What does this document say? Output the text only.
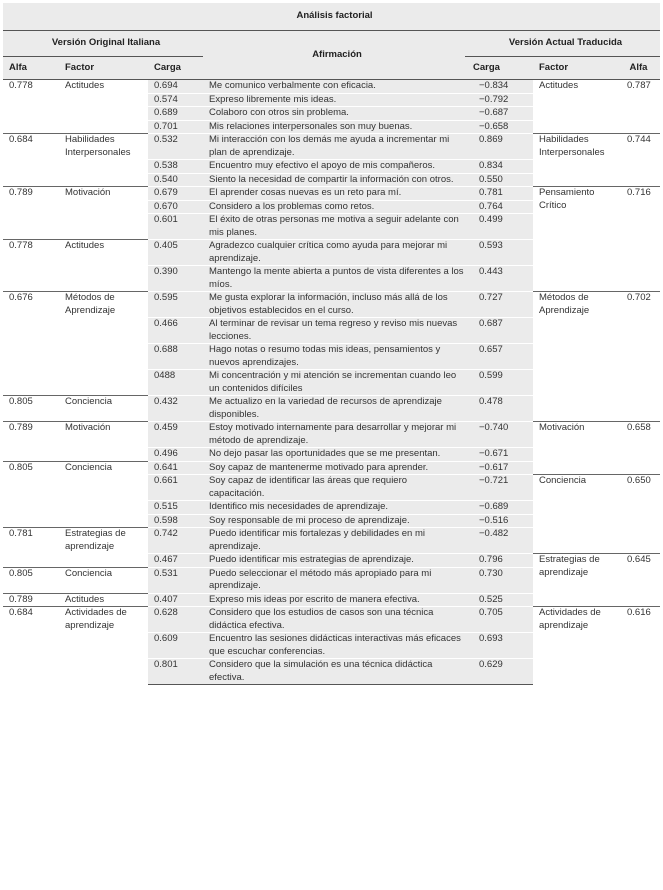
Análisis factorial						
Versión Original Italiana			Afirmación	Versión Actual Traducida		
Alfa	Factor	Carga		Carga	Factor	Alfa
0.778	Actitudes	0.694	Me comunico verbalmente con eficacia.	−0.834	Actitudes	0.787
		0.574	Expreso libremente mis ideas.	−0.792		
		0.689	Colaboro con otros sin problema.	−0.687		
		0.701	Mis relaciones interpersonales son muy buenas.	−0.658		
0.684	Habilidades Interpersonales	0.532	Mi interacción con los demás me ayuda a incrementar mi plan de aprendizaje.	0.869	Habilidades Interpersonales	0.744
		0.538	Encuentro muy efectivo el apoyo de mis compañeros.	0.834		
		0.540	Siento la necesidad de compartir la información con otros.	0.550		
0.789	Motivación	0.679	El aprender cosas nuevas es un reto para mí.	0.781	Pensamiento Crítico	0.716
		0.670	Considero a los problemas como retos.	0.764		
		0.601	El éxito de otras personas me motiva a seguir adelante con mis planes.	0.499		
0.778	Actitudes	0.405	Agradezco cualquier crítica como ayuda para mejorar mi aprendizaje.	0.593		
		0.390	Mantengo la mente abierta a puntos de vista diferentes a los míos.	0.443		
0.676	Métodos de Aprendizaje	0.595	Me gusta explorar la información, incluso más allá de los objetivos establecidos en el curso.	0.727	Métodos de Aprendizaje	0.702
		0.466	Al terminar de revisar un tema regreso y reviso mis nuevas lecciones.	0.687		
		0.688	Hago notas o resumo todas mis ideas, pensamientos y nuevos aprendizajes.	0.657		
		0488	Mi concentración y mi atención se incrementan cuando leo un contenidos difíciles	0.599		
0.805	Conciencia	0.432	Me actualizo en la variedad de recursos de aprendizaje disponibles.	0.478		
0.789	Motivación	0.459	Estoy motivado internamente para desarrollar y mejorar mi método de aprendizaje.	−0.740	Motivación	0.658
		0.496	No dejo pasar las oportunidades que se me presentan.	−0.671		
0.805	Conciencia	0.641	Soy capaz de mantenerme motivado para aprender.	−0.617		
		0.661	Soy capaz de identificar las áreas que requiero capacitación.	−0.721	Conciencia	0.650
		0.515	Identifico mis necesidades de aprendizaje.	−0.689		
		0.598	Soy responsable de mi proceso de aprendizaje.	−0.516		
0.781	Estrategias de aprendizaje	0.742	Puedo identificar mis fortalezas y debilidades en mi aprendizaje.	−0.482		
		0.467	Puedo identificar mis estrategias de aprendizaje.	0.796	Estrategias de aprendizaje	0.645
0.805	Conciencia	0.531	Puedo seleccionar el método más apropiado para mi aprendizaje.	0.730		
0.789	Actitudes	0.407	Expreso mis ideas por escrito de manera efectiva.	0.525		
0.684	Actividades de aprendizaje	0.628	Considero que los estudios de casos son una técnica didáctica efectiva.	0.705	Actividades de aprendizaje	0.616
		0.609	Encuentro las sesiones didácticas interactivas más eficaces que escuchar conferencias.	0.693		
		0.801	Considero que la simulación es una técnica didáctica efectiva.	0.629		
